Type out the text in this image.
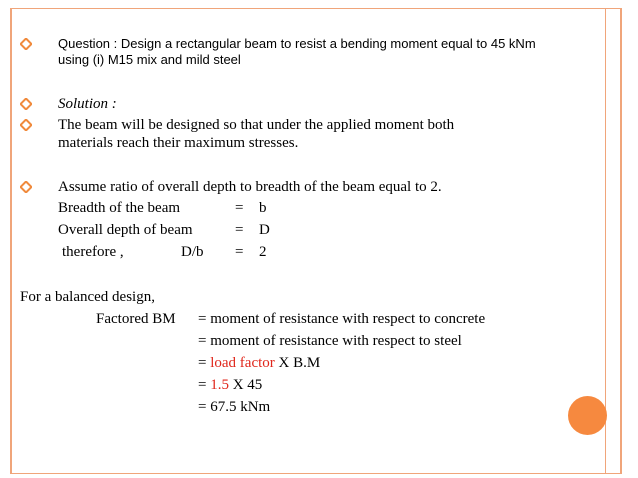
Question : Design a rectangular beam to resist a bending moment equal to 45 kNm
using (i) M15 mix and mild steel
Solution :
The beam will be designed so that under the applied moment both
materials reach their maximum stresses.
Assume ratio of overall depth to breadth of the beam equal to 2.
Breadth of the beam	= b
Overall depth of beam	= D
therefore ,	D/b = 2
For a balanced design,
Factored BM = moment of resistance with respect to concrete
= moment of resistance with respect to steel
= load factor X B.M
= 1.5 X 45
= 67.5 kNm
